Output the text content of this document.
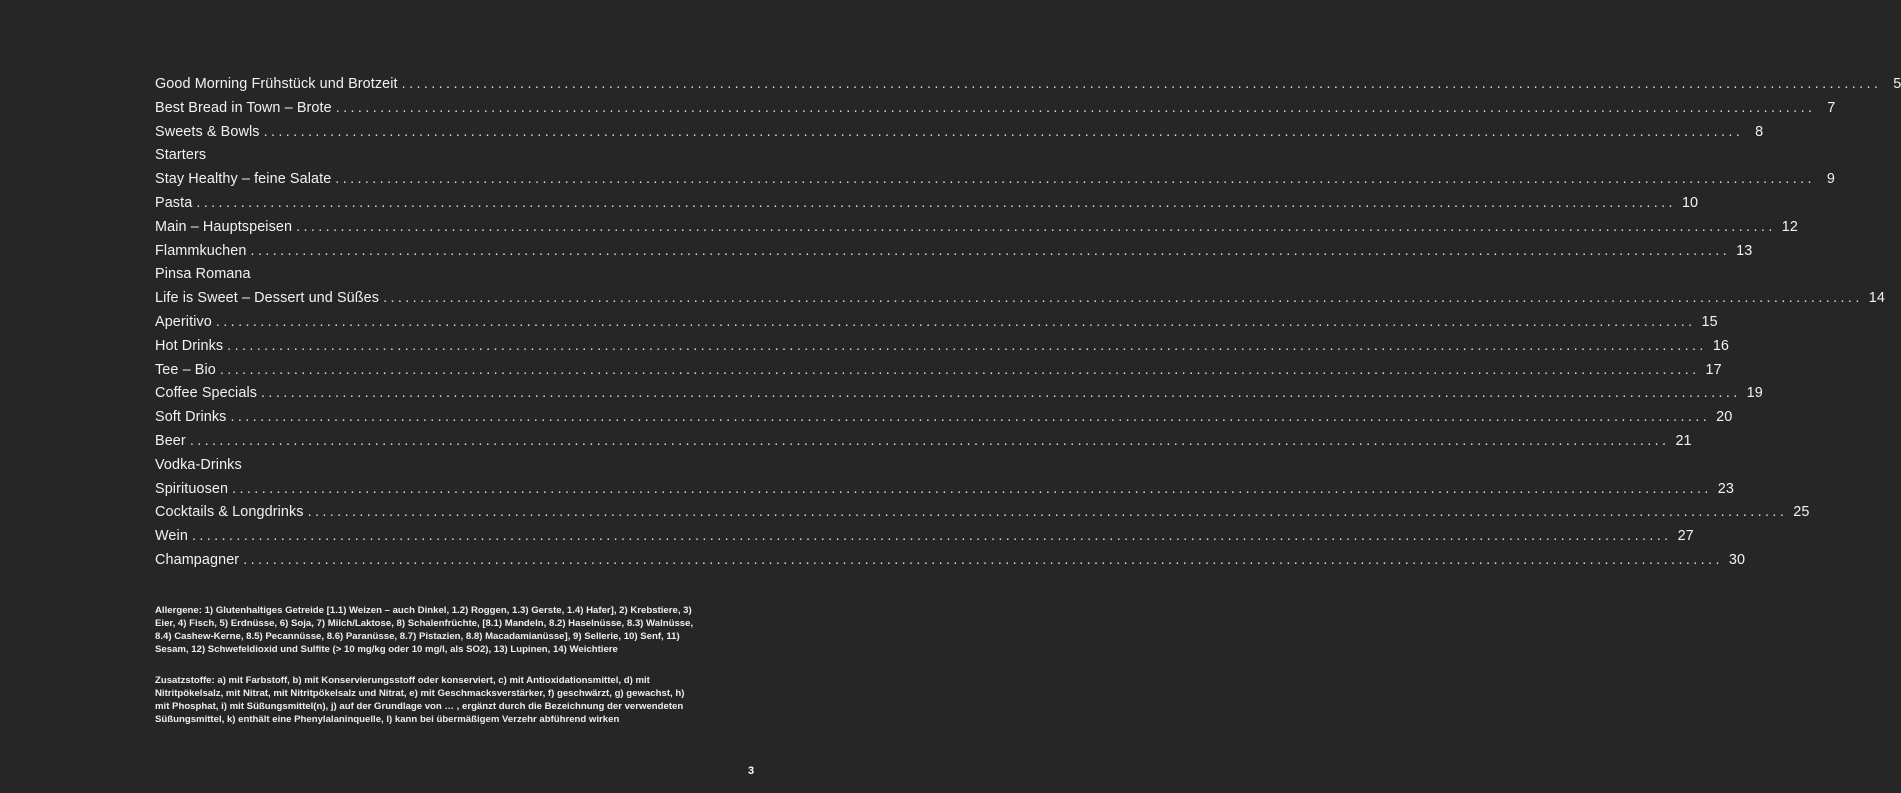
Good Morning Frühstück und Brotzeit ........................................................................................................................................................................................................ 5
Best Bread in Town – Brote ........................................................................................................................................................................................................ 7
Sweets & Bowls ........................................................................................................................................................................................................ 8
Starters
Stay Healthy – feine Salate ........................................................................................................................................................................................................ 9
Pasta ........................................................................................................................................................................................................ 10
Main – Hauptspeisen ........................................................................................................................................................................................................ 12
Flammkuchen ........................................................................................................................................................................................................ 13
Pinsa Romana
Life is Sweet – Dessert und Süßes ........................................................................................................................................................................................................ 14
Aperitivo ........................................................................................................................................................................................................ 15
Hot Drinks ........................................................................................................................................................................................................ 16
Tee – Bio ........................................................................................................................................................................................................ 17
Coffee Specials ........................................................................................................................................................................................................ 19
Soft Drinks ........................................................................................................................................................................................................ 20
Beer ........................................................................................................................................................................................................ 21
Vodka-Drinks
Spirituosen ........................................................................................................................................................................................................ 23
Cocktails & Longdrinks ........................................................................................................................................................................................................ 25
Wein ........................................................................................................................................................................................................ 27
Champagner ........................................................................................................................................................................................................ 30

Allergene: 1) Glutenhaltiges Getreide [1.1) Weizen – auch Dinkel, 1.2) Roggen, 1.3) Gerste, 1.4) Hafer], 2) Krebstiere, 3) Eier, 4) Fisch, 5) Erdnüsse, 6) Soja, 7) Milch/Laktose, 8) Schalenfrüchte, [8.1) Mandeln, 8.2) Haselnüsse, 8.3) Walnüsse, 8.4) Cashew-Kerne, 8.5) Pecannüsse, 8.6) Paranüsse, 8.7) Pistazien, 8.8) Macadamianüsse], 9) Sellerie, 10) Senf, 11) Sesam, 12) Schwefeldioxid und Sulfite (> 10 mg/kg oder 10 mg/l, als SO2), 13) Lupinen, 14) Weichtiere

Zusatzstoffe: a) mit Farbstoff, b) mit Konservierungsstoff oder konserviert, c) mit Antioxidationsmittel, d) mit Nitritpökelsalz, mit Nitrat, mit Nitritpökelsalz und Nitrat, e) mit Geschmacksverstärker, f) geschwärzt, g) gewachst, h) mit Phosphat, i) mit Süßungsmittel(n), j) auf der Grundlage von … , ergänzt durch die Bezeichnung der verwendeten Süßungsmittel, k) enthält eine Phenylalaninquelle, l) kann bei übermäßigem Verzehr abführend wirken

3
